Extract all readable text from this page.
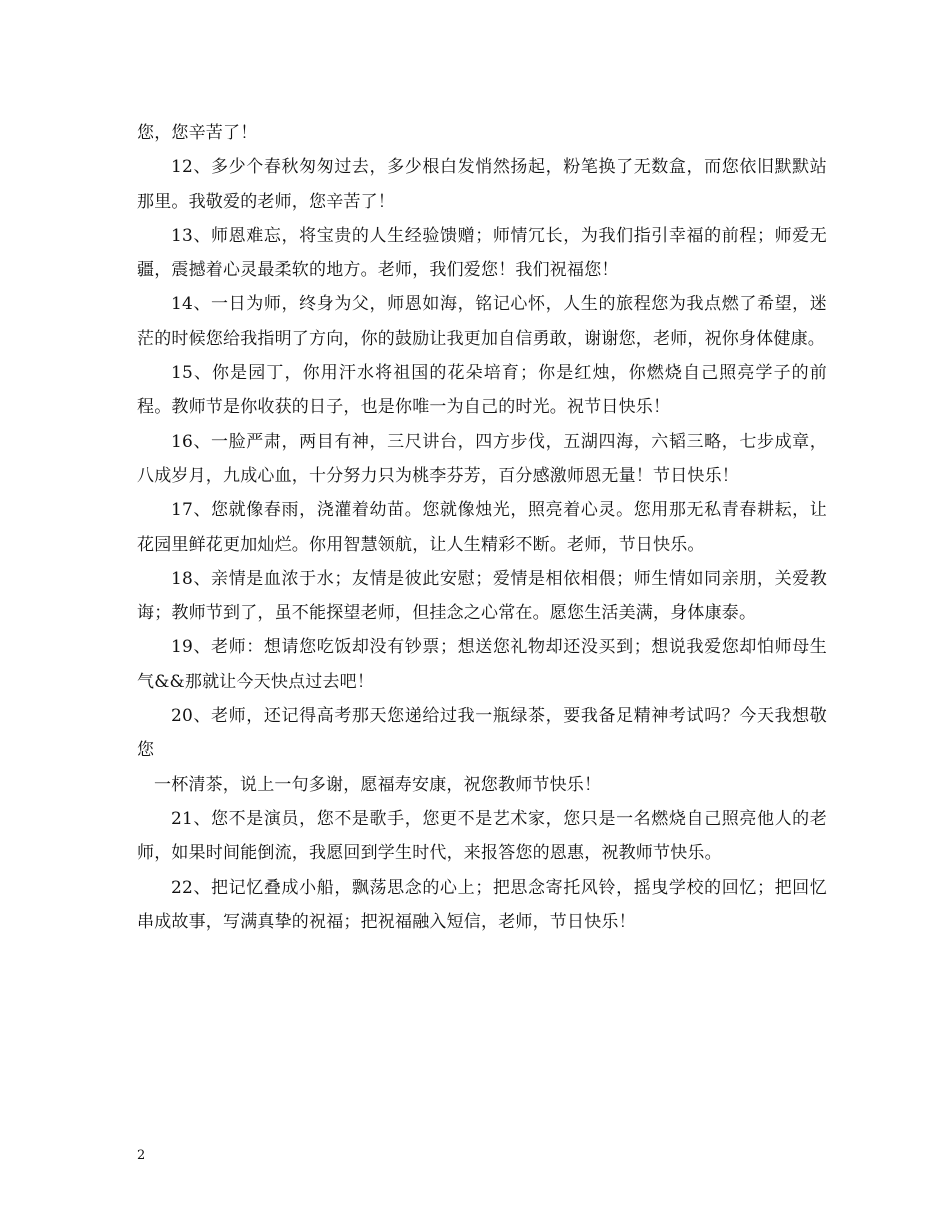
您，您辛苦了！

12、多少个春秋匆匆过去，多少根白发悄然扬起，粉笔换了无数盒，而您依旧默默站那里。我敬爱的老师，您辛苦了！

13、师恩难忘，将宝贵的人生经验馈赠；师情冗长，为我们指引幸福的前程；师爱无疆，震撼着心灵最柔软的地方。老师，我们爱您！我们祝福您！

14、一日为师，终身为父，师恩如海，铭记心怀，人生的旅程您为我点燃了希望，迷茫的时候您给我指明了方向，你的鼓励让我更加自信勇敢，谢谢您，老师，祝你身体健康。

15、你是园丁，你用汗水将祖国的花朵培育；你是红烛，你燃烧自己照亮学子的前程。教师节是你收获的日子，也是你唯一为自己的时光。祝节日快乐！

16、一脸严肃，两目有神，三尺讲台，四方步伐，五湖四海，六韬三略，七步成章，八成岁月，九成心血，十分努力只为桃李芬芳，百分感激师恩无量！节日快乐！

17、您就像春雨，浇灌着幼苗。您就像烛光，照亮着心灵。您用那无私青春耕耘，让花园里鲜花更加灿烂。你用智慧领航，让人生精彩不断。老师，节日快乐。

18、亲情是血浓于水；友情是彼此安慰；爱情是相依相偎；师生情如同亲朋，关爱教诲；教师节到了，虽不能探望老师，但挂念之心常在。愿您生活美满，身体康泰。

19、老师：想请您吃饭却没有钞票；想送您礼物却还没买到；想说我爱您却怕师母生气&&那就让今天快点过去吧！

20、老师，还记得高考那天您递给过我一瓶绿茶，要我备足精神考试吗？今天我想敬您

一杯清茶，说上一句多谢，愿福寿安康，祝您教师节快乐！

21、您不是演员，您不是歌手，您更不是艺术家，您只是一名燃烧自己照亮他人的老师，如果时间能倒流，我愿回到学生时代，来报答您的恩惠，祝教师节快乐。

22、把记忆叠成小船，飘荡思念的心上；把思念寄托风铃，摇曳学校的回忆；把回忆串成故事，写满真挚的祝福；把祝福融入短信，老师，节日快乐！

2
